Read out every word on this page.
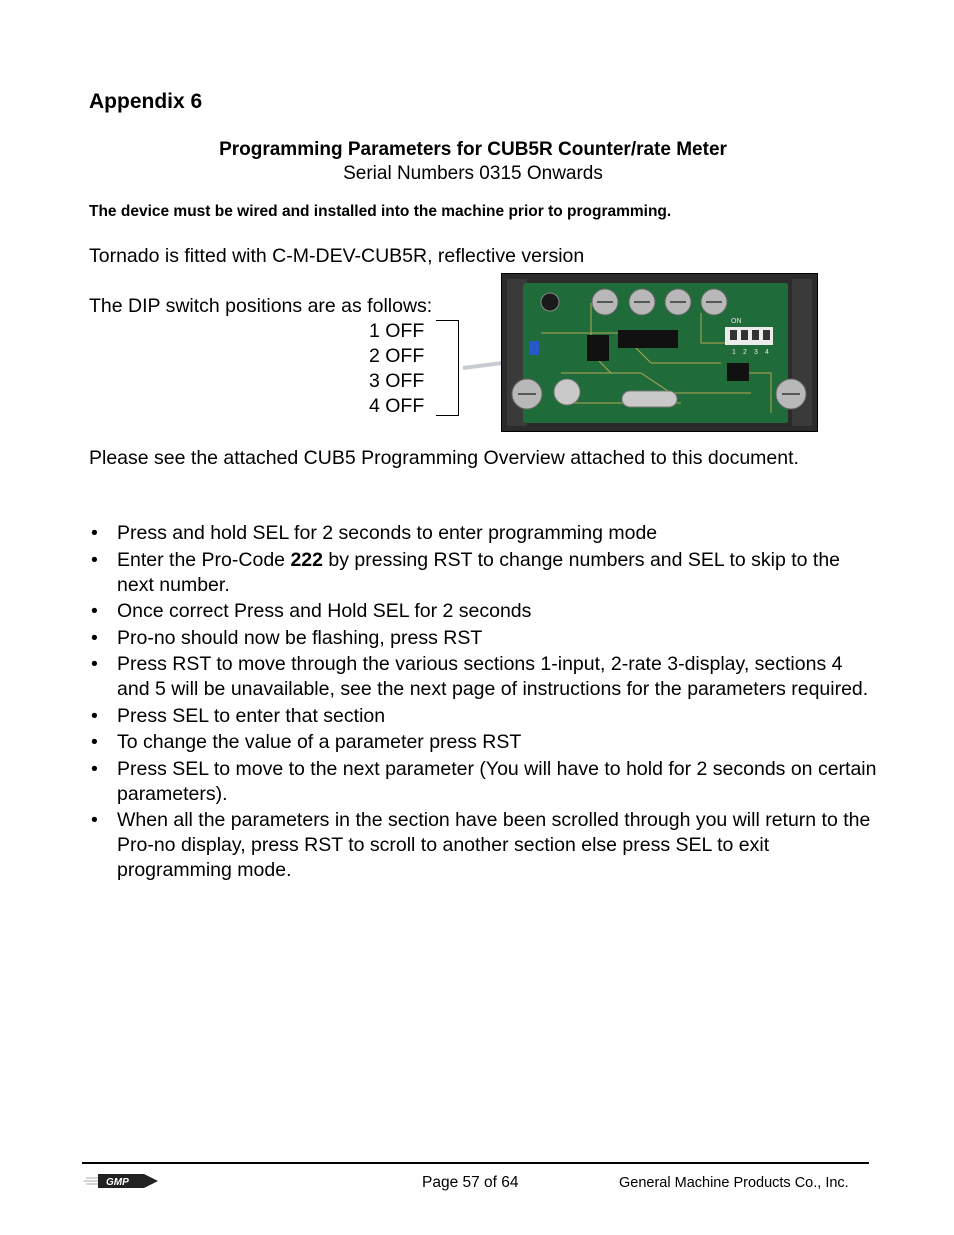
Appendix 6
Programming Parameters for CUB5R Counter/rate Meter
Serial Numbers 0315 Onwards
The device must be wired and installed into the machine prior to programming.
Tornado is fitted with C-M-DEV-CUB5R, reflective version
The DIP switch positions are as follows:
1 OFF
2 OFF
3 OFF
4 OFF
ON
1 2 3 4
Please see the attached CUB5 Programming Overview attached to this document.
• Press and hold SEL for 2 seconds to enter programming mode
• Enter the Pro-Code 222 by pressing RST to change numbers and SEL to skip to the next number.
• Once correct Press and Hold SEL for 2 seconds
• Pro-no should now be flashing, press RST
• Press RST to move through the various sections 1-input, 2-rate 3-display, sections 4 and 5 will be unavailable, see the next page of instructions for the parameters required.
• Press SEL to enter that section
• To change the value of a parameter press RST
• Press SEL to move to the next parameter (You will have to hold for 2 seconds on certain parameters).
• When all the parameters in the section have been scrolled through you will return to the Pro-no display, press RST to scroll to another section else press SEL to exit programming mode.
GMP	Page 57 of 64	General Machine Products Co., Inc.
